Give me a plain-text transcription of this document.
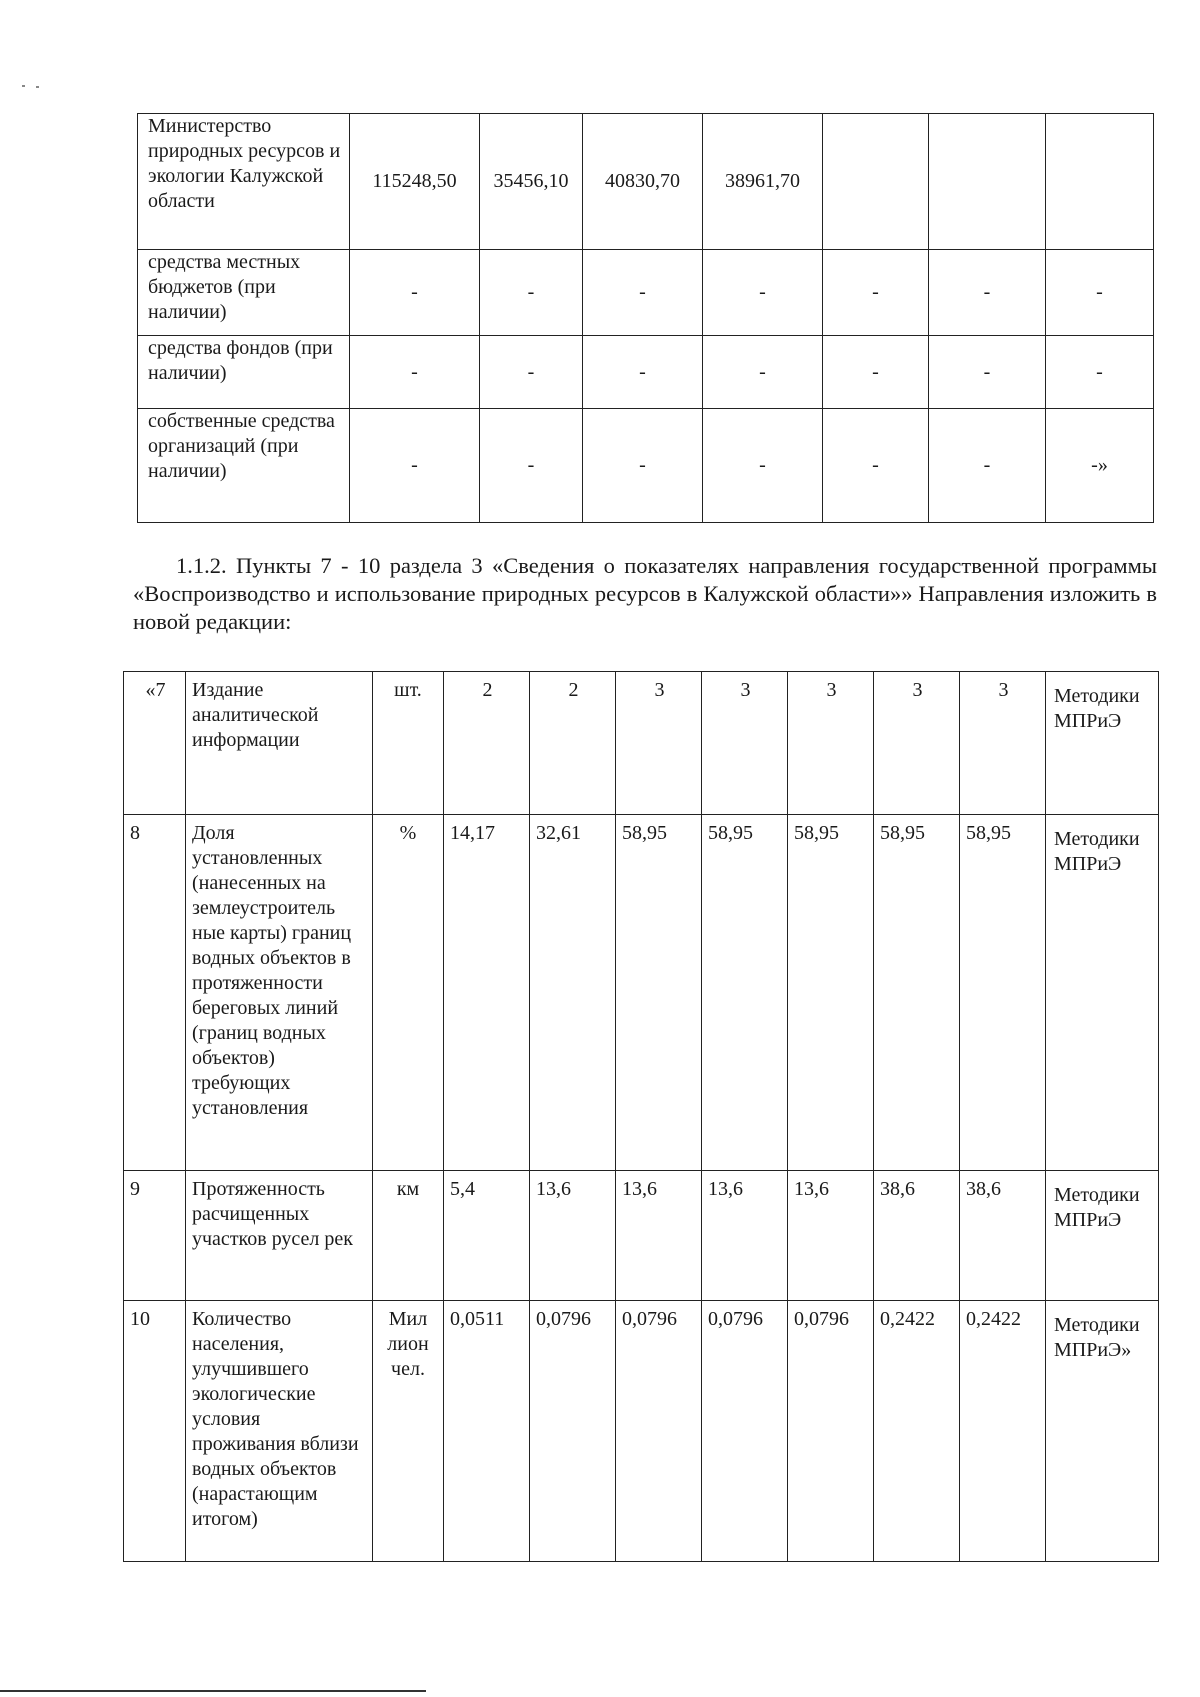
Министерство природных ресурсов и экологии Калужской области	115248,50	35456,10	40830,70	38961,70			
средства местных бюджетов (при наличии)	-	-	-	-	-	-	-
средства фондов (при наличии)	-	-	-	-	-	-	-
собственные средства организаций (при наличии)	-	-	-	-	-	-	-»

1.1.2. Пункты 7 - 10 раздела 3 «Сведения о показателях направления государственной программы «Воспроизводство и использование природных ресурсов в Калужской области»» Направления изложить в новой редакции:

«7	Издание аналитической информации	шт.	2	2	3	3	3	3	3	Методики МПРиЭ
8	Доля установленных (нанесенных на землеустроитель ные карты) границ водных объектов в протяженности береговых линий (границ водных объектов) требующих установления	%	14,17	32,61	58,95	58,95	58,95	58,95	58,95	Методики МПРиЭ
9	Протяженность расчищенных участков русел рек	км	5,4	13,6	13,6	13,6	13,6	38,6	38,6	Методики МПРиЭ
10	Количество населения, улучшившего экологические условия проживания вблизи водных объектов (нарастающим итогом)	Мил лион чел.	0,0511	0,0796	0,0796	0,0796	0,0796	0,2422	0,2422	Методики МПРиЭ»
